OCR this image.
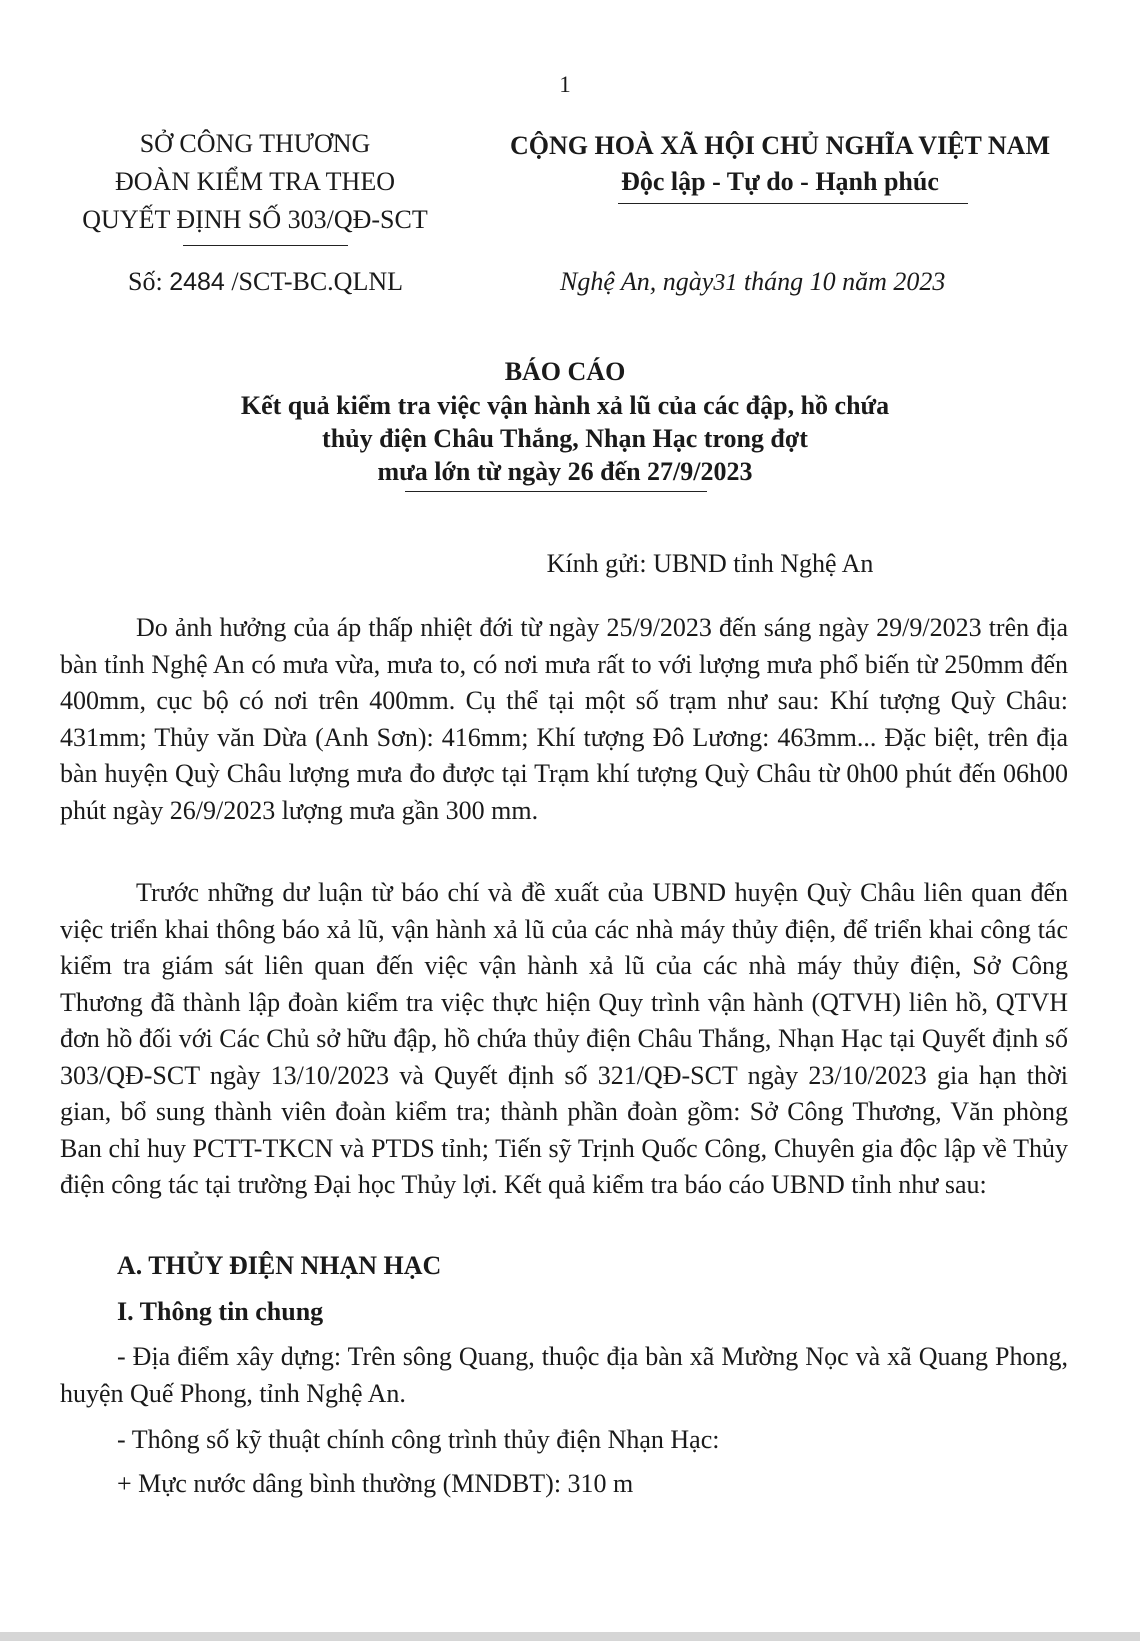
1
SỞ CÔNG THƯƠNG
ĐOÀN KIỂM TRA THEO
QUYẾT ĐỊNH SỐ 303/QĐ-SCT
CỘNG HOÀ XÃ HỘI CHỦ NGHĨA VIỆT NAM
Độc lập - Tự do - Hạnh phúc
Số: 2484 /SCT-BC.QLNL	Nghệ An, ngày31 tháng 10 năm 2023
BÁO CÁO
Kết quả kiểm tra việc vận hành xả lũ của các đập, hồ chứa
thủy điện Châu Thắng, Nhạn Hạc trong đợt
mưa lớn từ ngày 26 đến 27/9/2023
Kính gửi: UBND tỉnh Nghệ An
Do ảnh hưởng của áp thấp nhiệt đới từ ngày 25/9/2023 đến sáng ngày 29/9/2023 trên địa bàn tỉnh Nghệ An có mưa vừa, mưa to, có nơi mưa rất to với lượng mưa phổ biến từ 250mm đến 400mm, cục bộ có nơi trên 400mm. Cụ thể tại một số trạm như sau: Khí tượng Quỳ Châu: 431mm; Thủy văn Dừa (Anh Sơn): 416mm; Khí tượng Đô Lương: 463mm... Đặc biệt, trên địa bàn huyện Quỳ Châu lượng mưa đo được tại Trạm khí tượng Quỳ Châu từ 0h00 phút đến 06h00 phút ngày 26/9/2023 lượng mưa gần 300 mm.
Trước những dư luận từ báo chí và đề xuất của UBND huyện Quỳ Châu liên quan đến việc triển khai thông báo xả lũ, vận hành xả lũ của các nhà máy thủy điện, để triển khai công tác kiểm tra giám sát liên quan đến việc vận hành xả lũ của các nhà máy thủy điện, Sở Công Thương đã thành lập đoàn kiểm tra việc thực hiện Quy trình vận hành (QTVH) liên hồ, QTVH đơn hồ đối với Các Chủ sở hữu đập, hồ chứa thủy điện Châu Thắng, Nhạn Hạc tại Quyết định số 303/QĐ-SCT ngày 13/10/2023 và Quyết định số 321/QĐ-SCT ngày 23/10/2023 gia hạn thời gian, bổ sung thành viên đoàn kiểm tra; thành phần đoàn gồm: Sở Công Thương, Văn phòng Ban chỉ huy PCTT-TKCN và PTDS tỉnh; Tiến sỹ Trịnh Quốc Công, Chuyên gia độc lập về Thủy điện công tác tại trường Đại học Thủy lợi. Kết quả kiểm tra báo cáo UBND tỉnh như sau:
A. THỦY ĐIỆN NHẠN HẠC
I. Thông tin chung
- Địa điểm xây dựng: Trên sông Quang, thuộc địa bàn xã Mường Nọc và xã Quang Phong, huyện Quế Phong, tỉnh Nghệ An.
- Thông số kỹ thuật chính công trình thủy điện Nhạn Hạc:
+ Mực nước dâng bình thường (MNDBT): 310 m
